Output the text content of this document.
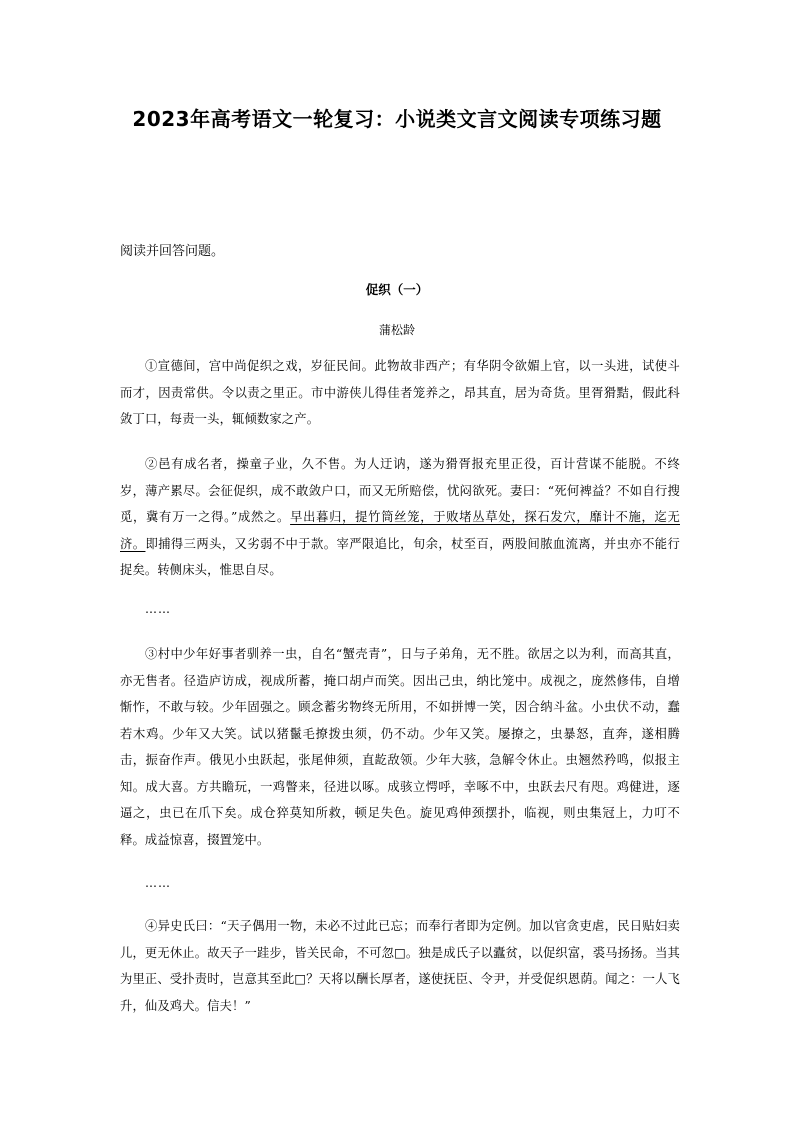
2023年高考语文一轮复习：小说类文言文阅读专项练习题
阅读并回答问题。
促织（一）
蒲松龄
①宣德间，宫中尚促织之戏，岁征民间。此物故非西产；有华阴令欲媚上官，以一头进，试使斗而才，因责常供。令以责之里正。市中游侠儿得佳者笼养之，昂其直，居为奇货。里胥猾黠，假此科敛丁口，每责一头，辄倾数家之产。
②邑有成名者，操童子业，久不售。为人迂讷，遂为猾胥报充里正役，百计营谋不能脱。不终岁，薄产累尽。会征促织，成不敢敛户口，而又无所赔偿，忧闷欲死。妻曰：“死何裨益？不如自行搜觅，冀有万一之得。”成然之。早出暮归，提竹筒丝笼，于败堵丛草处，探石发穴，靡计不施，迄无济。即捕得三两头，又劣弱不中于款。宰严限追比，旬余，杖至百，两股间脓血流离，并虫亦不能行捉矣。转侧床头，惟思自尽。
……
③村中少年好事者驯养一虫，自名“蟹壳青”，日与子弟角，无不胜。欲居之以为利，而高其直，亦无售者。径造庐访成，视成所蓄，掩口胡卢而笑。因出己虫，纳比笼中。成视之，庞然修伟，自增惭怍，不敢与较。少年固强之。顾念蓄劣物终无所用，不如拼博一笑，因合纳斗盆。小虫伏不动，蠢若木鸡。少年又大笑。试以猪鬣毛撩拨虫须，仍不动。少年又笑。屡撩之，虫暴怒，直奔，遂相腾击，振奋作声。俄见小虫跃起，张尾伸须，直龁敌领。少年大骇，急解令休止。虫翘然矜鸣，似报主知。成大喜。方共瞻玩，一鸡瞥来，径进以啄。成骇立愕呼，幸啄不中，虫跃去尺有咫。鸡健进，逐逼之，虫已在爪下矣。成仓猝莫知所救，顿足失色。旋见鸡伸颈摆扑，临视，则虫集冠上，力叮不释。成益惊喜，掇置笼中。
……
④异史氏曰：“天子偶用一物，未必不过此已忘；而奉行者即为定例。加以官贪吏虐，民日贴妇卖儿，更无休止。故天子一跬步，皆关民命，不可忽□。独是成氏子以蠹贫，以促织富，裘马扬扬。当其为里正、受扑责时，岂意其至此□？天将以酬长厚者，遂使抚臣、令尹，并受促织恩荫。闻之：一人飞升，仙及鸡犬。信夫！”
